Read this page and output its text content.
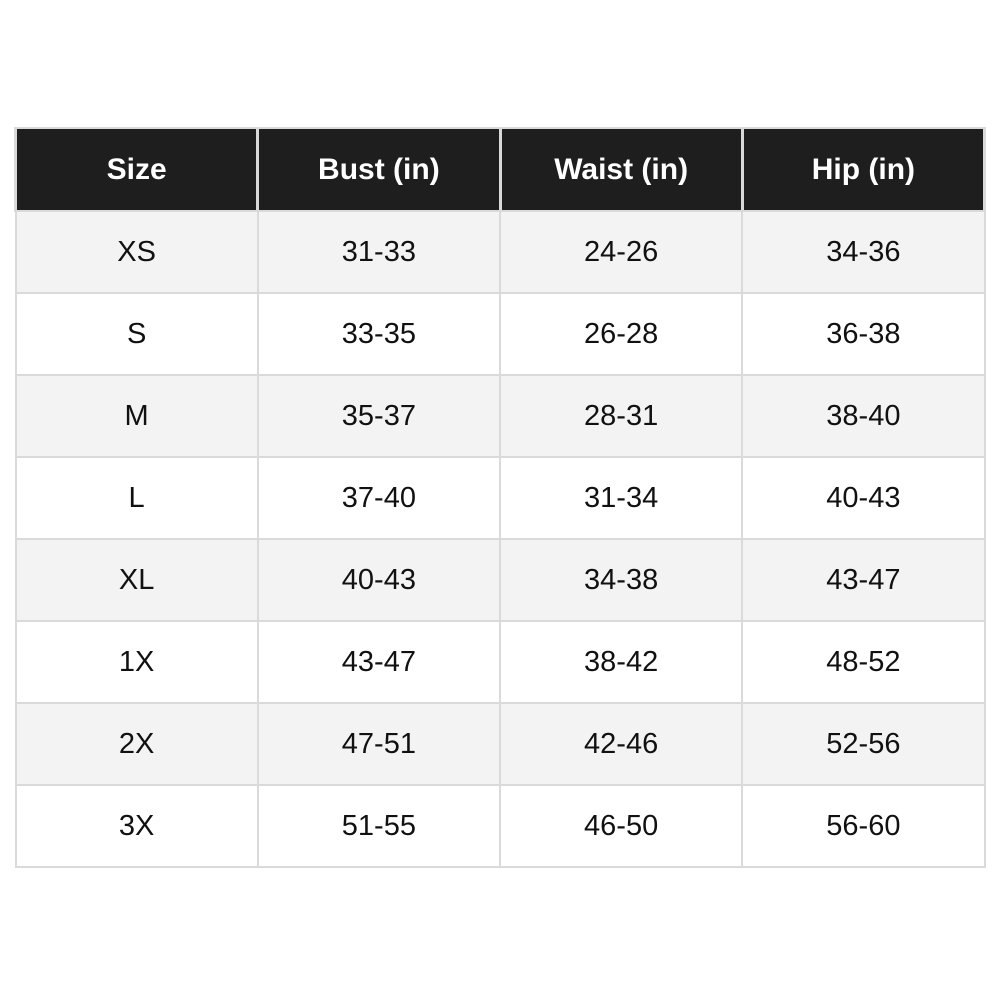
Size	Bust (in)	Waist (in)	Hip (in)
XS	31-33	24-26	34-36
S	33-35	26-28	36-38
M	35-37	28-31	38-40
L	37-40	31-34	40-43
XL	40-43	34-38	43-47
1X	43-47	38-42	48-52
2X	47-51	42-46	52-56
3X	51-55	46-50	56-60
